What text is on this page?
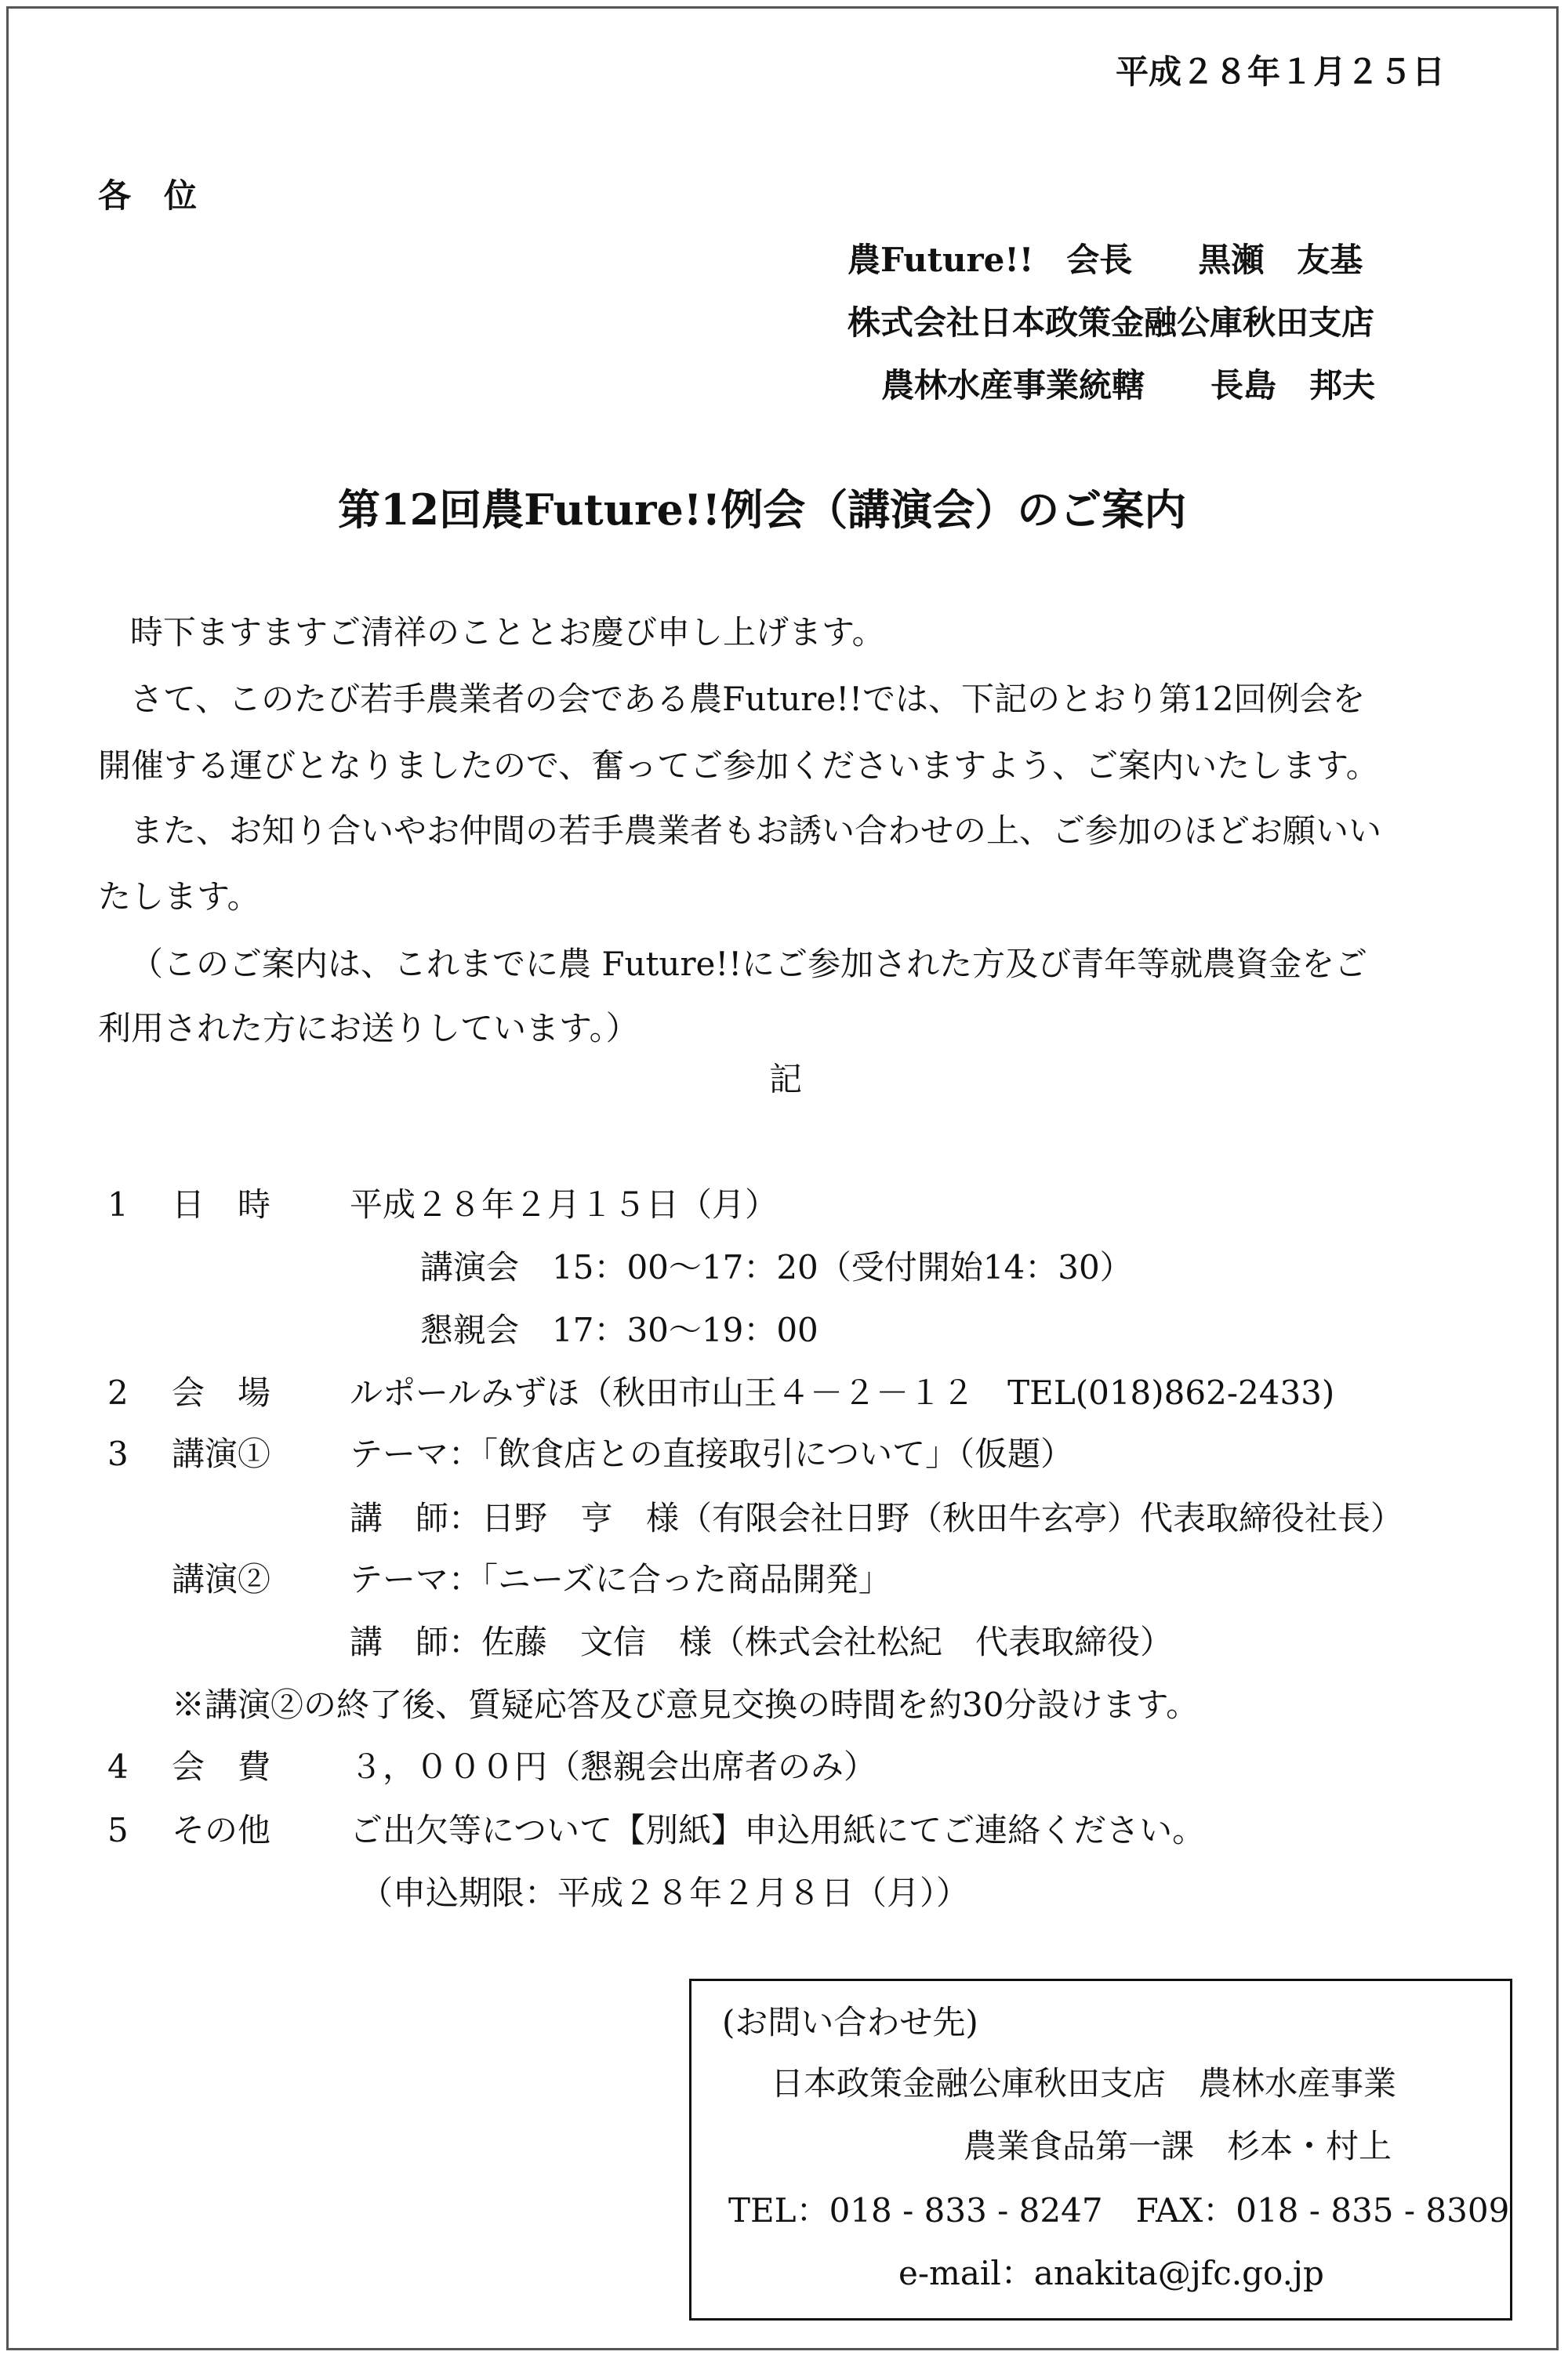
平成２８年１月２５日
各　位
農Future!!　会長　　黒瀬　友基
株式会社日本政策金融公庫秋田支店
農林水産事業統轄　　長島　邦夫
第12回農Future!!例会（講演会）のご案内
時下ますますご清祥のこととお慶び申し上げます。
さて、このたび若手農業者の会である農Future!!では、下記のとおり第12回例会を
開催する運びとなりましたので、奮ってご参加くださいますよう、ご案内いたします。
また、お知り合いやお仲間の若手農業者もお誘い合わせの上、ご参加のほどお願いい
たします。
（このご案内は、これまでに農 Future!!にご参加された方及び青年等就農資金をご
利用された方にお送りしています。）
記
1 日　時 平成２８年２月１５日（月）
講演会　15：00～17：20（受付開始14：30）
懇親会　17：30～19：00
2 会　場 ルポールみずほ（秋田市山王４－２－１２　TEL(018)862-2433)
3 講演① テーマ：「飲食店との直接取引について」（仮題）
講　師：日野　亨　様（有限会社日野（秋田牛玄亭）代表取締役社長）
講演② テーマ：「ニーズに合った商品開発」
講　師：佐藤　文信　様（株式会社松紀　代表取締役）
※講演②の終了後、質疑応答及び意見交換の時間を約30分設けます。
4 会　費 ３，０００円（懇親会出席者のみ）
5 その他 ご出欠等について【別紙】申込用紙にてご連絡ください。
（申込期限：平成２８年２月８日（月））
(お問い合わせ先)
日本政策金融公庫秋田支店　農林水産事業
農業食品第一課　杉本・村上
TEL：018 - 833 - 8247　FAX：018 - 835 - 8309
e-mail：anakita@jfc.go.jp
